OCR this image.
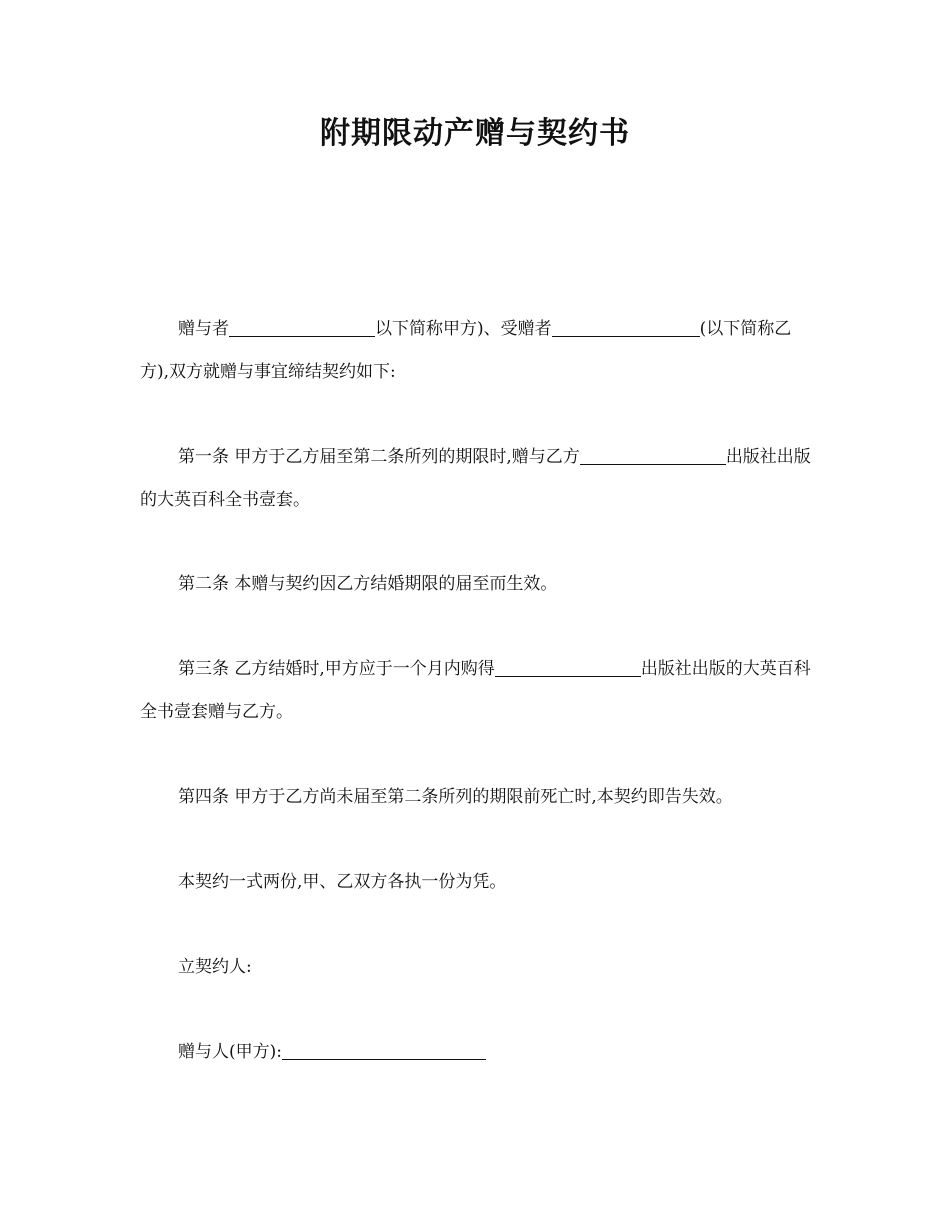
附期限动产赠与契约书

赠与者	以下简称甲方)、受赠者	(以下简称乙方),双方就赠与事宜缔结契约如下:

第一条 甲方于乙方届至第二条所列的期限时,赠与乙方	出版社出版的大英百科全书壹套。

第二条 本赠与契约因乙方结婚期限的届至而生效。

第三条 乙方结婚时,甲方应于一个月内购得	出版社出版的大英百科全书壹套赠与乙方。

第四条 甲方于乙方尚未届至第二条所列的期限前死亡时,本契约即告失效。

本契约一式两份,甲、乙双方各执一份为凭。

立契约人:

赠与人(甲方):
